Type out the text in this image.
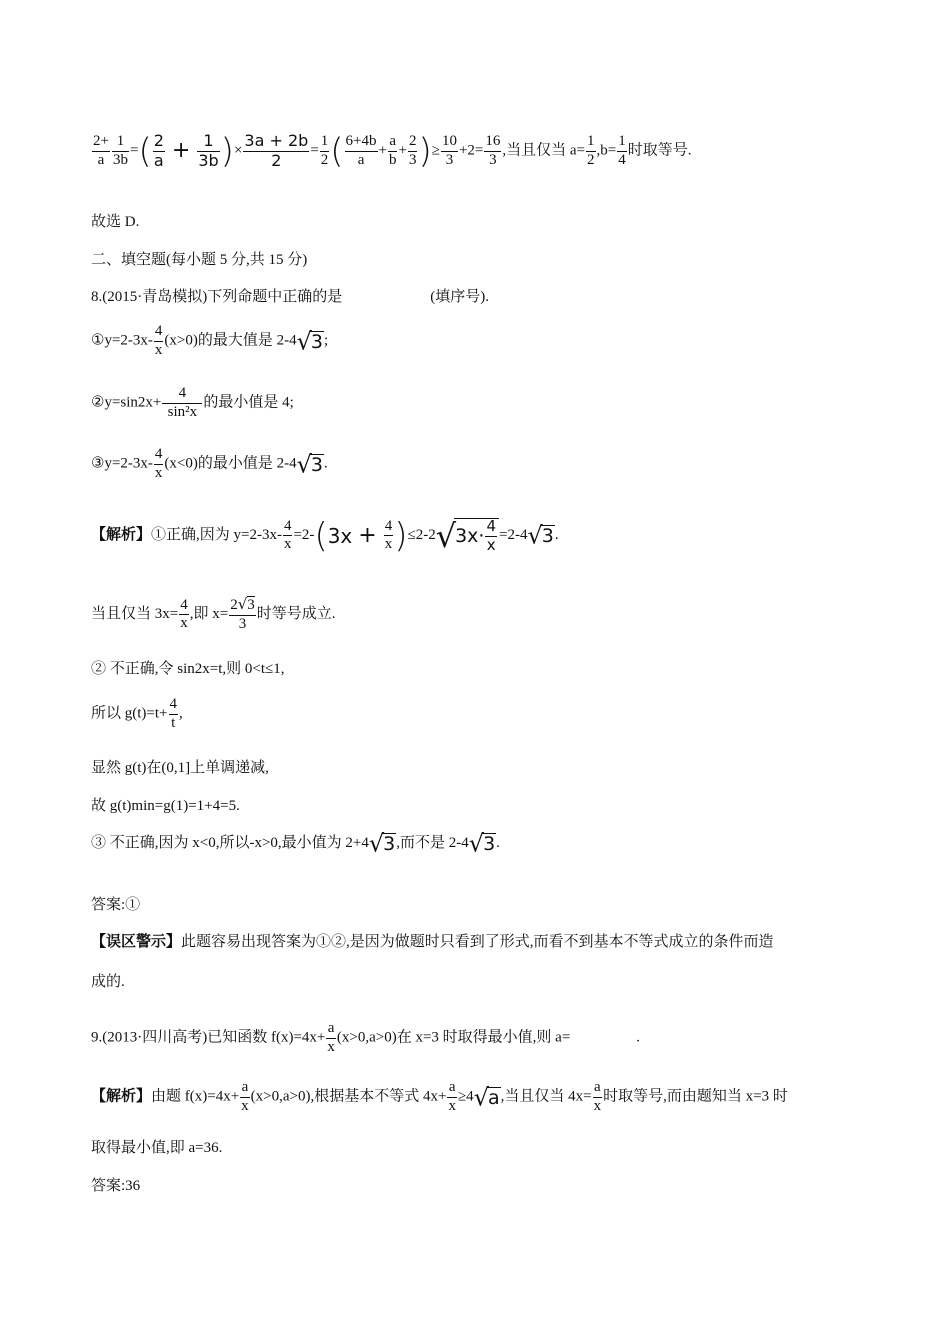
$\frac{2+}{a} \frac{1}{3b}$ =( $\frac{2}{a} + \frac{1}{3b}$ )× $\frac{3a + 2b}{2} = \frac{1}{2}$ ( $\frac{6+4b}{a} + \frac{a}{b} + \frac{2}{3}$ )≥ $\frac{10}{3} +2= \frac{16}{3}$ ,当且仅当 $a= \frac{1}{2} ,b= \frac{1}{4}$ 时取等号.
故选 D.
二、填空题(每小题 5 分,共 15 分)
8.(2015·青岛模拟)下列命题中正确的是	(填序号).
①y=2-3x- $\frac{4}{x} (x>0)$的最大值是 2-4√3;
②y=sin2x+ $\frac{4}{\text{sin²x}}$ 的最小值是 4;
③y=2-3x- $\frac{4}{x} (x<0)$的最小值是 2-4√3.
【解析】①正确,因为 $y=2-3x- \frac{4}{x} =2-(3x + \frac{4}{x} )\le 2-2√3x\cdot \frac{4}{x} =2-4√3$.
当且仅当 $3x= \frac{4}{x}$ ,即 $x= \frac{2√3}{3}$ 时等号成立.
② 不正确,令 sin2x=t,则 0<t≤1,
所以 $g(t)=t+ \frac{4}{t}$ ,
显然 g(t)在(0,1]上单调递减,
故 g(t)min=g(1)=1+4=5.
③ 不正确,因为 x<0,所以-x>0,最小值为 2+4√3,而不是 2-4√3.
答案:①
【误区警示】此题容易出现答案为①②,是因为做题时只看到了形式,而看不到基本不等式成立的条件而造
成的.
9.(2013·四川高考)已知函数 $f(x)=4x+ \frac{a}{x} (x>0,a>0)$在 x=3 时取得最小值,则 a=	.
【解析】由题 $f(x)=4x+ \frac{a}{x} (x>0,a>0)$,根据基本不等式 $4x+ \frac{a}{x} \ge 4√a$,当且仅当 $4x= \frac{a}{x}$ 时取等号,而由题知当 x=3 时
取得最小值,即 a=36.
答案:36
